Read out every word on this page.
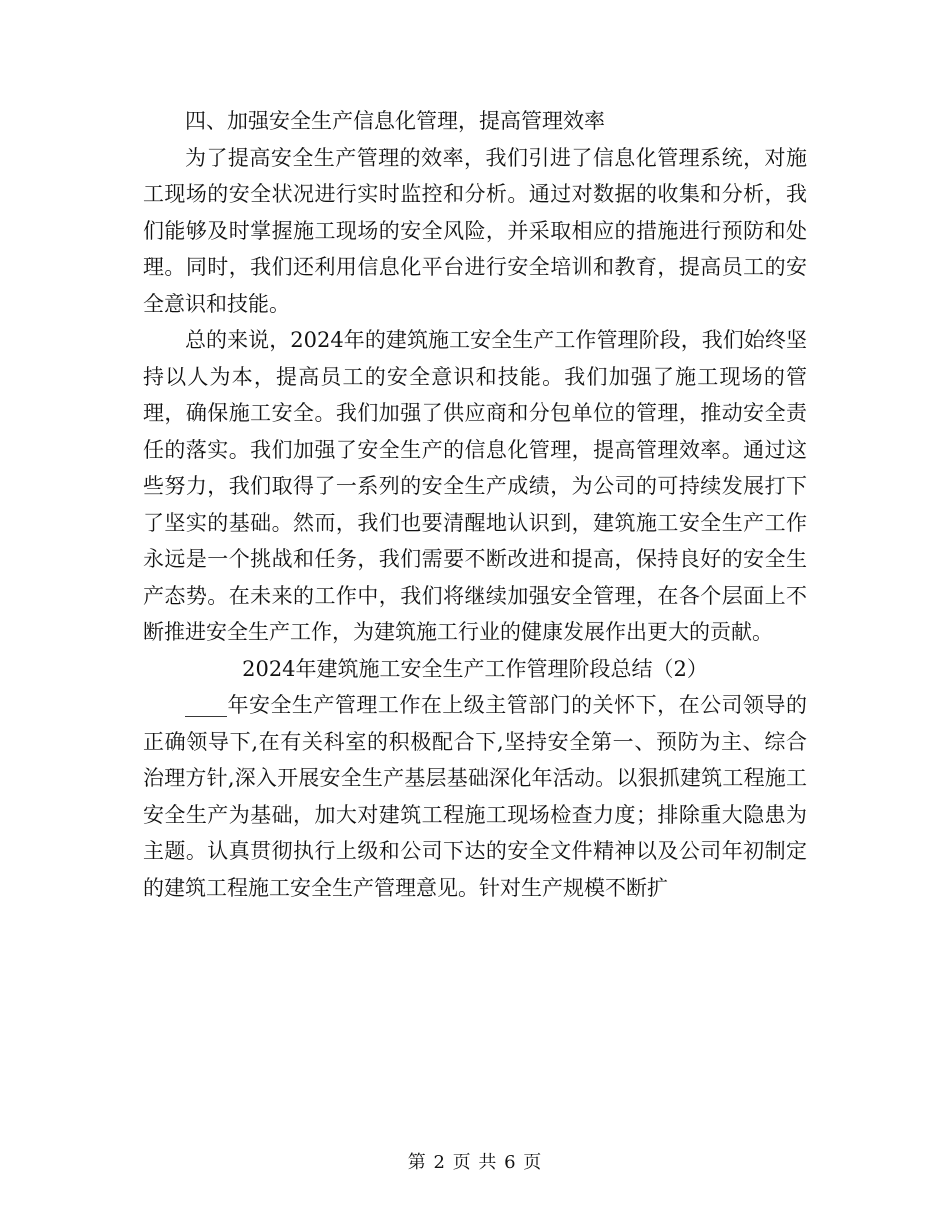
四、加强安全生产信息化管理，提高管理效率

为了提高安全生产管理的效率，我们引进了信息化管理系统，对施工现场的安全状况进行实时监控和分析。通过对数据的收集和分析，我们能够及时掌握施工现场的安全风险，并采取相应的措施进行预防和处理。同时，我们还利用信息化平台进行安全培训和教育，提高员工的安全意识和技能。

总的来说，2024年的建筑施工安全生产工作管理阶段，我们始终坚持以人为本，提高员工的安全意识和技能。我们加强了施工现场的管理，确保施工安全。我们加强了供应商和分包单位的管理，推动安全责任的落实。我们加强了安全生产的信息化管理，提高管理效率。通过这些努力，我们取得了一系列的安全生产成绩，为公司的可持续发展打下了坚实的基础。然而，我们也要清醒地认识到，建筑施工安全生产工作永远是一个挑战和任务，我们需要不断改进和提高，保持良好的安全生产态势。在未来的工作中，我们将继续加强安全管理，在各个层面上不断推进安全生产工作，为建筑施工行业的健康发展作出更大的贡献。

2024年建筑施工安全生产工作管理阶段总结（2）

____年安全生产管理工作在上级主管部门的关怀下，在公司领导的正确领导下,在有关科室的积极配合下,坚持安全第一、预防为主、综合治理方针,深入开展安全生产基层基础深化年活动。以狠抓建筑工程施工安全生产为基础，加大对建筑工程施工现场检查力度；排除重大隐患为主题。认真贯彻执行上级和公司下达的安全文件精神以及公司年初制定的建筑工程施工安全生产管理意见。针对生产规模不断扩

第 2 页 共 6 页
